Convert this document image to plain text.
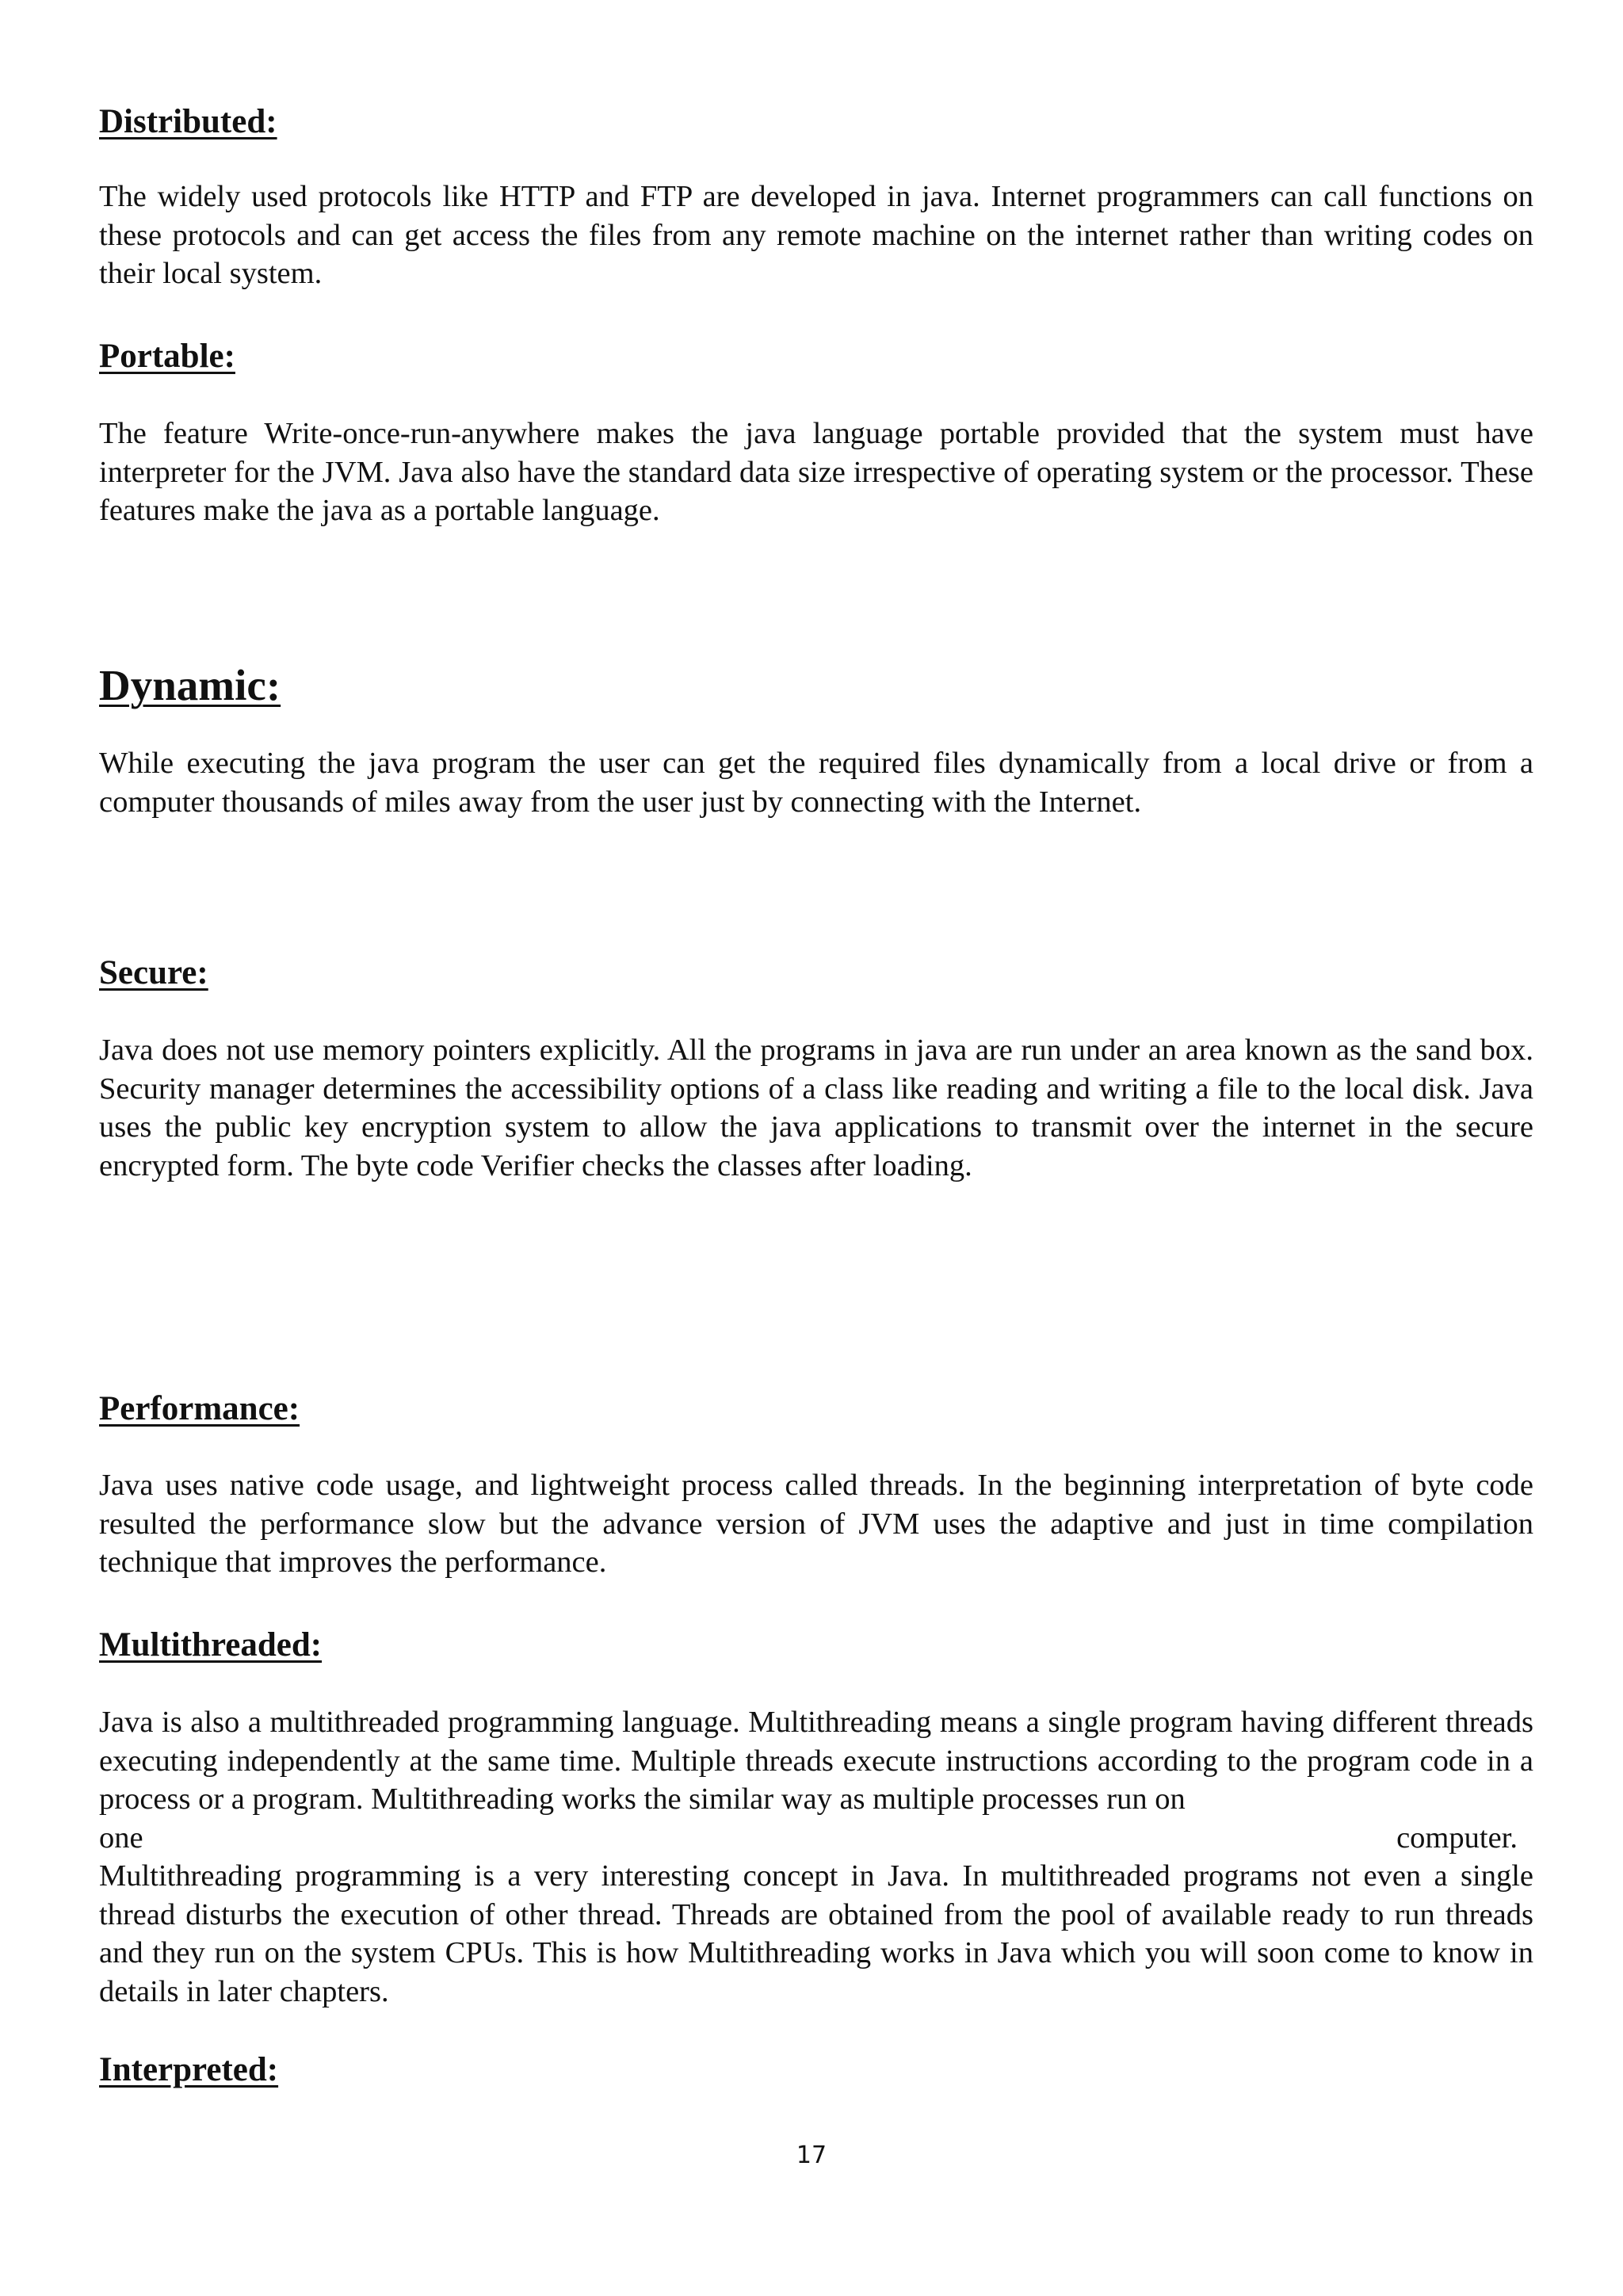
Distributed:

The widely used protocols like HTTP and FTP are developed in java. Internet programmers can call functions on these protocols and can get access the files from any remote machine on the internet rather than writing codes on their local system.

Portable:

The feature Write-once-run-anywhere makes the java language portable provided that the system must have interpreter for the JVM. Java also have the standard data size irrespective of operating system or the processor. These features make the java as a portable language.

Dynamic:

While executing the java program the user can get the required files dynamically from a local drive or from a computer thousands of miles away from the user just by connecting with the Internet.

Secure:

Java does not use memory pointers explicitly. All the programs in java are run under an area known as the sand box. Security manager determines the accessibility options of a class like reading and writing a file to the local disk. Java uses the public key encryption system to allow the java applications to transmit over the internet in the secure encrypted form. The byte code Verifier checks the classes after loading.

Performance:

Java uses native code usage, and lightweight process called threads. In the beginning interpretation of byte code resulted the performance slow but the advance version of JVM uses the adaptive and just in time compilation technique that improves the performance.

Multithreaded:

Java is also a multithreaded programming language. Multithreading means a single program having different threads executing independently at the same time. Multiple threads execute instructions according to the program code in a process or a program. Multithreading works the similar way as multiple processes run on

one	computer.

Multithreading programming is a very interesting concept in Java. In multithreaded programs not even a single thread disturbs the execution of other thread. Threads are obtained from the pool of available ready to run threads and they run on the system CPUs. This is how Multithreading works in Java which you will soon come to know in details in later chapters.

Interpreted:
17
